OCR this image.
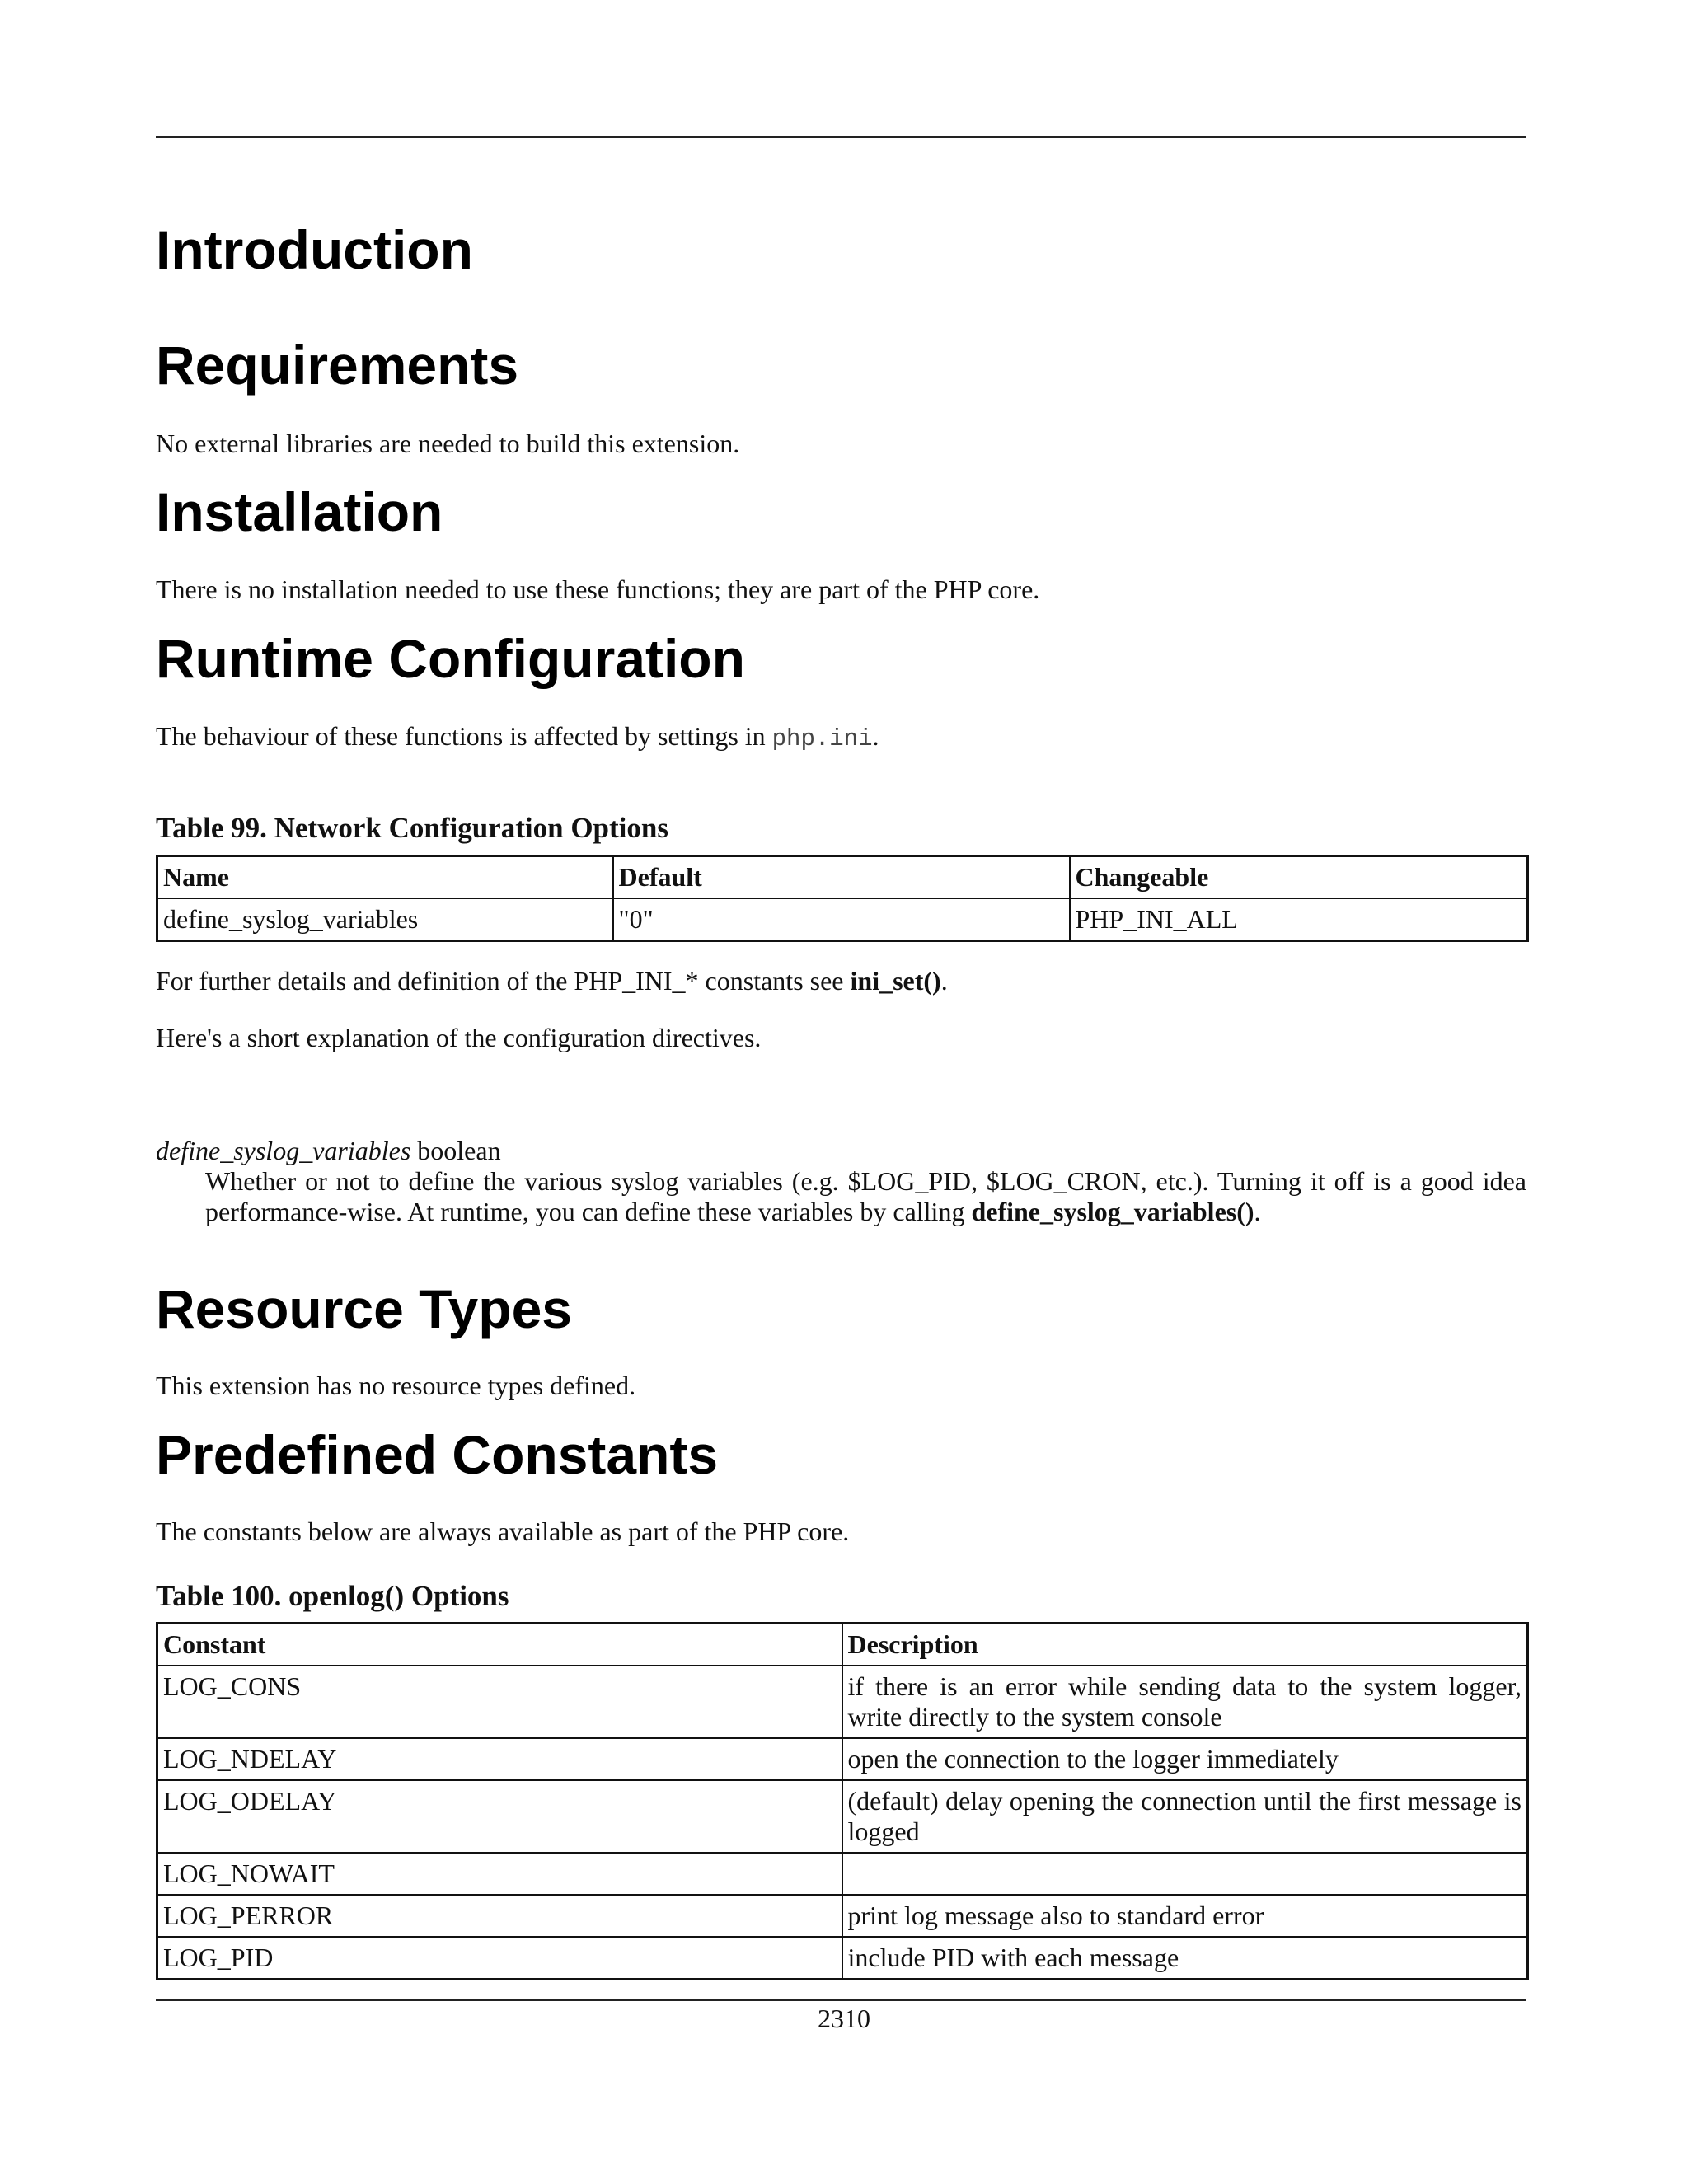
Introduction
Requirements

No external libraries are needed to build this extension.

Installation

There is no installation needed to use these functions; they are part of the PHP core.

Runtime Configuration

The behaviour of these functions is affected by settings in php.ini.

Table 99. Network Configuration Options

Name	Default	Changeable
define_syslog_variables	"0"	PHP_INI_ALL

For further details and definition of the PHP_INI_* constants see ini_set().

Here's a short explanation of the configuration directives.

define_syslog_variables boolean

Whether or not to define the various syslog variables (e.g. $LOG_PID, $LOG_CRON, etc.). Turning it off is a good idea performance-wise. At runtime, you can define these variables by calling define_syslog_variables().

Resource Types

This extension has no resource types defined.

Predefined Constants

The constants below are always available as part of the PHP core.

Table 100. openlog() Options

Constant	Description
LOG_CONS	if there is an error while sending data to the system logger, write directly to the system console
LOG_NDELAY	open the connection to the logger immediately
LOG_ODELAY	(default) delay opening the connection until the first message is logged
LOG_NOWAIT	
LOG_PERROR	print log message also to standard error
LOG_PID	include PID with each message
2310
